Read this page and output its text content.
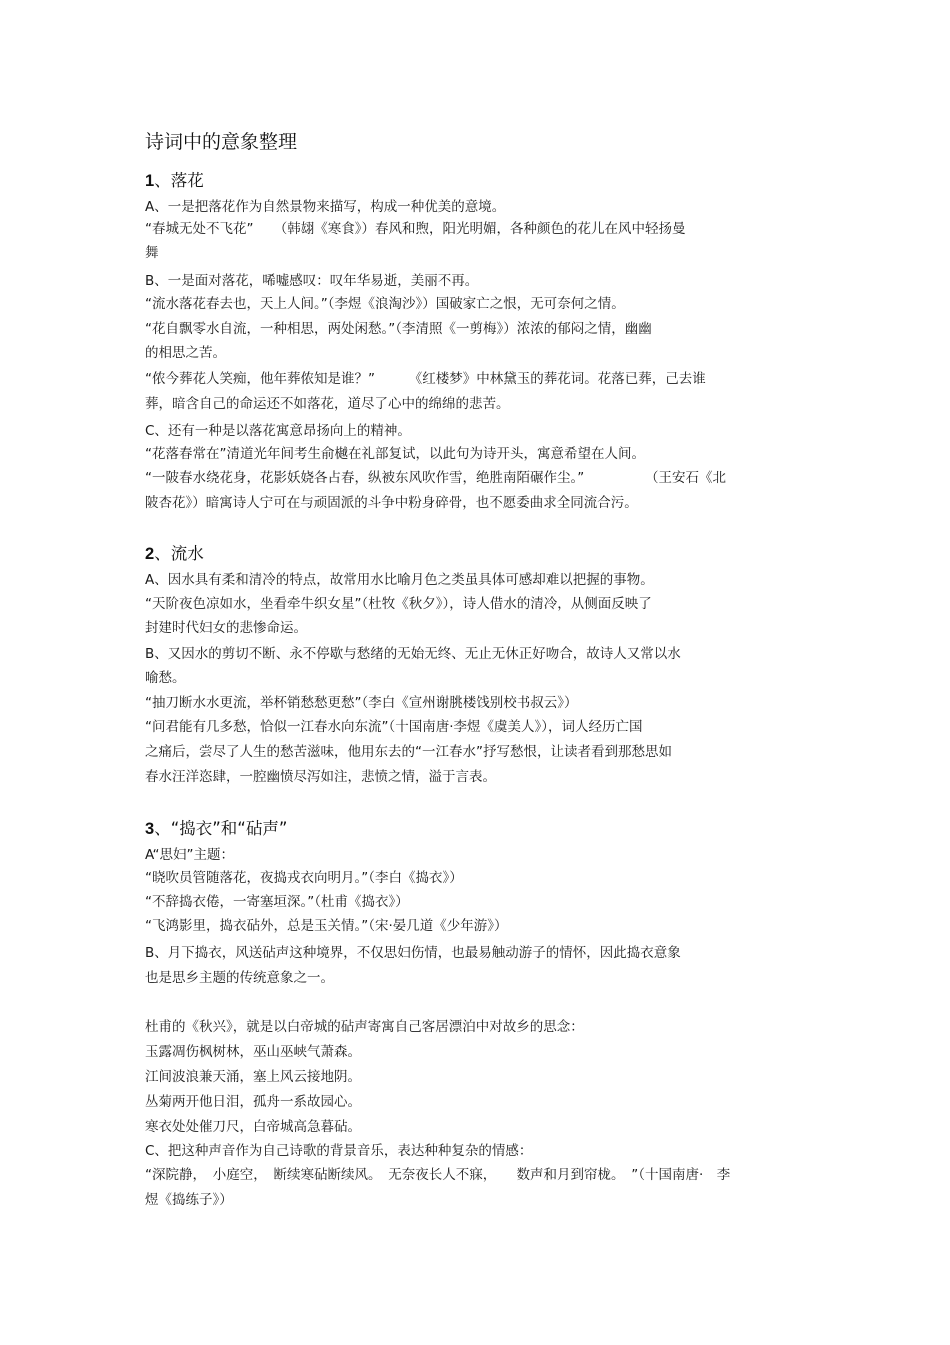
诗词中的意象整理
1、落花
A、一是把落花作为自然景物来描写，构成一种优美的意境。
“春城无处不飞花”　　（韩翃《寒食》）春风和煦，阳光明媚，各种颜色的花儿在风中轻扬曼
舞
B、一是面对落花，唏嘘感叹：叹年华易逝，美丽不再。
“流水落花春去也，天上人间。”（李煜《浪淘沙》）国破家亡之恨，无可奈何之情。
“花自飘零水自流，一种相思，两处闲愁。”（李清照《一剪梅》）浓浓的郁闷之情，幽幽
的相思之苦。
“侬今葬花人笑痴，他年葬侬知是谁？”　　　《红楼梦》中林黛玉的葬花词。花落已葬，己去谁
葬，暗含自己的命运还不如落花，道尽了心中的绵绵的悲苦。
C、还有一种是以落花寓意昂扬向上的精神。
“花落春常在”清道光年间考生俞樾在礼部复试，以此句为诗开头，寓意希望在人间。
“一陂春水绕花身，花影妖娆各占春，纵被东风吹作雪，绝胜南陌碾作尘。”　　　　　（王安石《北
陂杏花》）暗寓诗人宁可在与顽固派的斗争中粉身碎骨，也不愿委曲求全同流合污。
2、流水
A、因水具有柔和清冷的特点，故常用水比喻月色之类虽具体可感却难以把握的事物。
“天阶夜色凉如水，坐看牵牛织女星”（杜牧《秋夕》），诗人借水的清冷，从侧面反映了
封建时代妇女的悲惨命运。
B、又因水的剪切不断、永不停歇与愁绪的无始无终、无止无休正好吻合，故诗人又常以水
喻愁。
“抽刀断水水更流，举杯销愁愁更愁”（李白《宣州谢朓楼饯别校书叔云》）
“问君能有几多愁，恰似一江春水向东流”（十国南唐·李煜《虞美人》），词人经历亡国
之痛后，尝尽了人生的愁苦滋味，他用东去的“一江春水”抒写愁恨，让读者看到那愁思如
春水汪洋恣肆，一腔幽愤尽泻如注，悲愤之情，溢于言表。
3、“捣衣”和“砧声”
A“思妇”主题：
“晓吹员管随落花，夜捣戎衣向明月。”（李白《捣衣》）
“不辞捣衣倦，一寄塞垣深。”（杜甫《捣衣》）
“飞鸿影里，捣衣砧外，总是玉关情。”（宋·晏几道《少年游》）
B、月下捣衣，风送砧声这种境界，不仅思妇伤情，也最易触动游子的情怀，因此捣衣意象
也是思乡主题的传统意象之一。
杜甫的《秋兴》，就是以白帝城的砧声寄寓自己客居漂泊中对故乡的思念：
玉露凋伤枫树林，巫山巫峡气萧森。
江间波浪兼天涌，塞上风云接地阴。
丛菊两开他日泪，孤舟一系故园心。
寒衣处处催刀尺，白帝城高急暮砧。
C、把这种声音作为自己诗歌的背景音乐，表达种种复杂的情感：
“深院静，　小庭空，　断续寒砧断续风。　无奈夜长人不寐，　　数声和月到帘栊。　”（十国南唐·　李
煜《捣练子》）
